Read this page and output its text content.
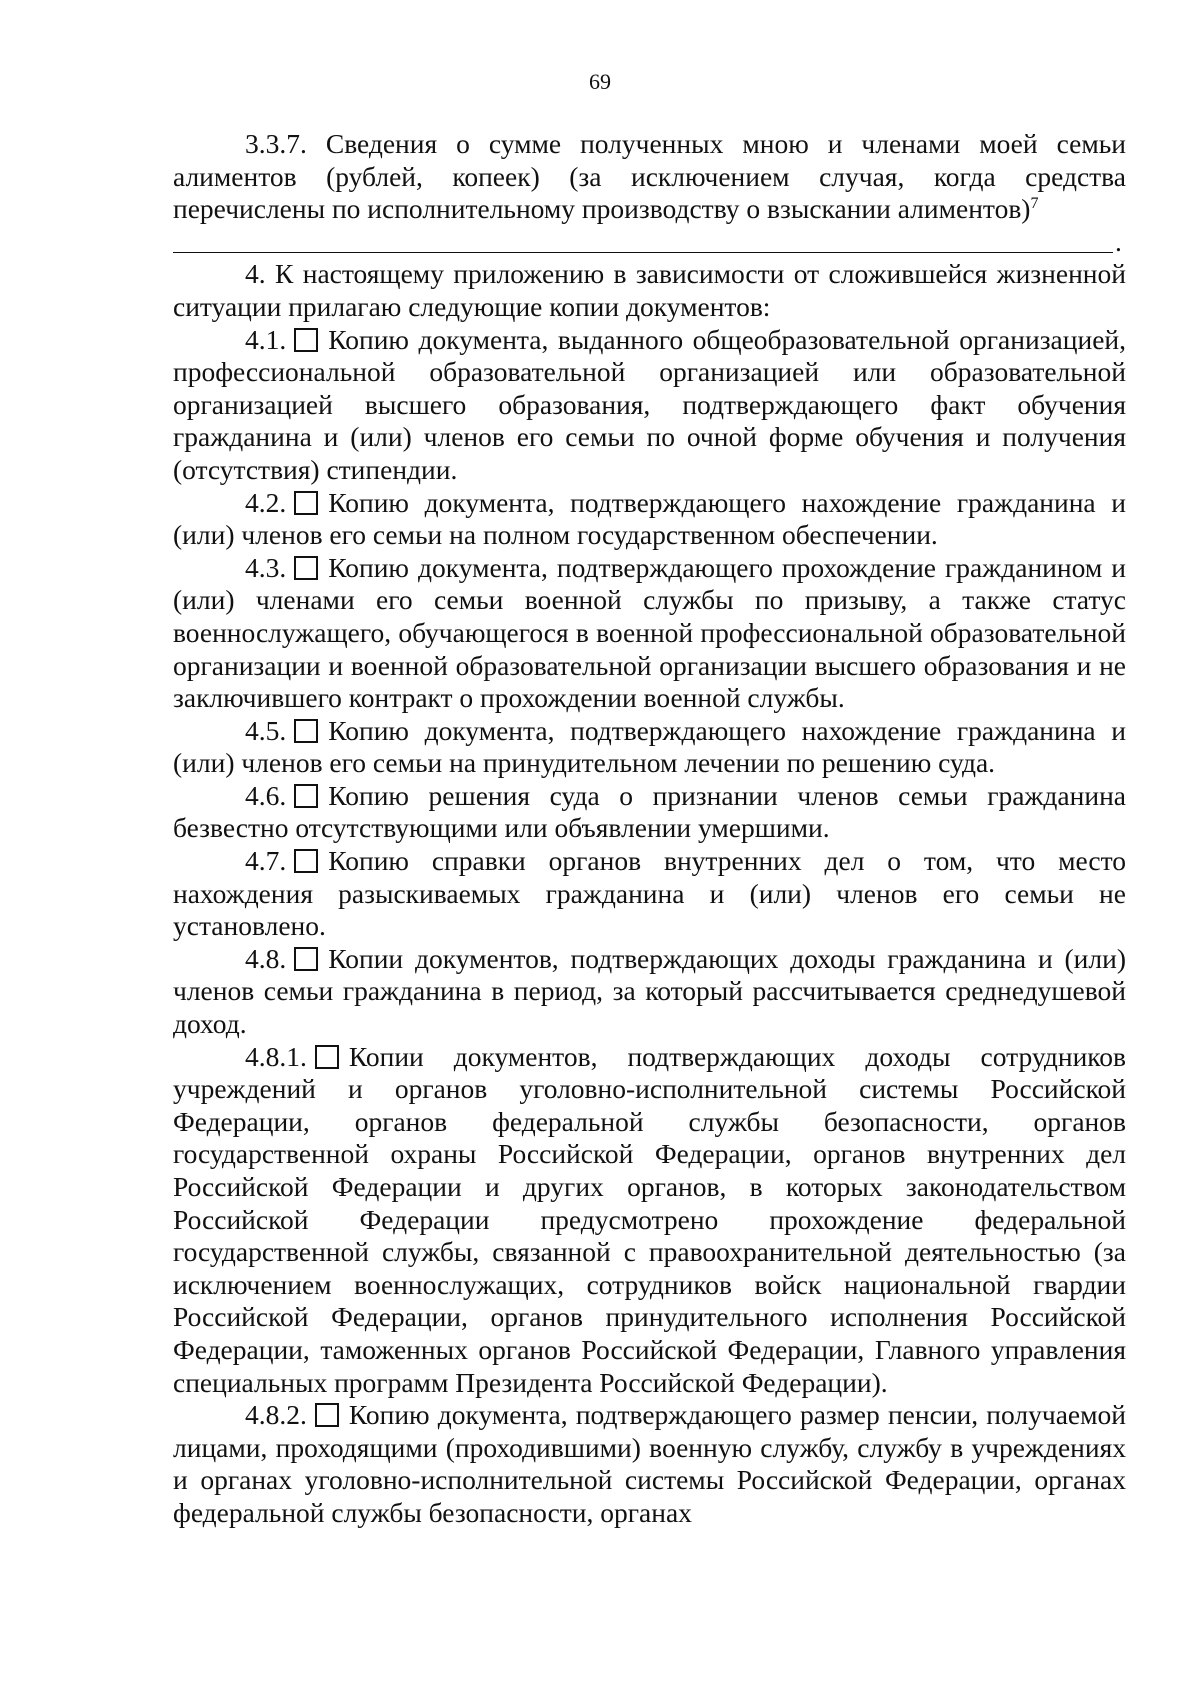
69

3.3.7. Сведения о сумме полученных мною и членами моей семьи алиментов (рублей, копеек) (за исключением случая, когда средства перечислены по исполнительному производству о взыскании алиментов)$^7$

.

4. К настоящему приложению в зависимости от сложившейся жизненной ситуации прилагаю следующие копии документов:

4.1. Копию документа, выданного общеобразовательной организацией, профессиональной образовательной организацией или образовательной организацией высшего образования, подтверждающего факт обучения гражданина и (или) членов его семьи по очной форме обучения и получения (отсутствия) стипендии.

4.2. Копию документа, подтверждающего нахождение гражданина и (или) членов его семьи на полном государственном обеспечении.

4.3. Копию документа, подтверждающего прохождение гражданином и (или) членами его семьи военной службы по призыву, а также статус военнослужащего, обучающегося в военной профессиональной образовательной организации и военной образовательной организации высшего образования и не заключившего контракт о прохождении военной службы.

4.5. Копию документа, подтверждающего нахождение гражданина и (или) членов его семьи на принудительном лечении по решению суда.

4.6. Копию решения суда о признании членов семьи гражданина безвестно отсутствующими или объявлении умершими.

4.7. Копию справки органов внутренних дел о том, что место нахождения разыскиваемых гражданина и (или) членов его семьи не установлено.

4.8. Копии документов, подтверждающих доходы гражданина и (или) членов семьи гражданина в период, за который рассчитывается среднедушевой доход.

4.8.1. Копии документов, подтверждающих доходы сотрудников учреждений и органов уголовно-исполнительной системы Российской Федерации, органов федеральной службы безопасности, органов государственной охраны Российской Федерации, органов внутренних дел Российской Федерации и других органов, в которых законодательством Российской Федерации предусмотрено прохождение федеральной государственной службы, связанной с правоохранительной деятельностью (за исключением военнослужащих, сотрудников войск национальной гвардии Российской Федерации, органов принудительного исполнения Российской Федерации, таможенных органов Российской Федерации, Главного управления специальных программ Президента Российской Федерации).

4.8.2. Копию документа, подтверждающего размер пенсии, получаемой лицами, проходящими (проходившими) военную службу, службу в учреждениях и органах уголовно-исполнительной системы Российской Федерации, органах федеральной службы безопасности, органах
